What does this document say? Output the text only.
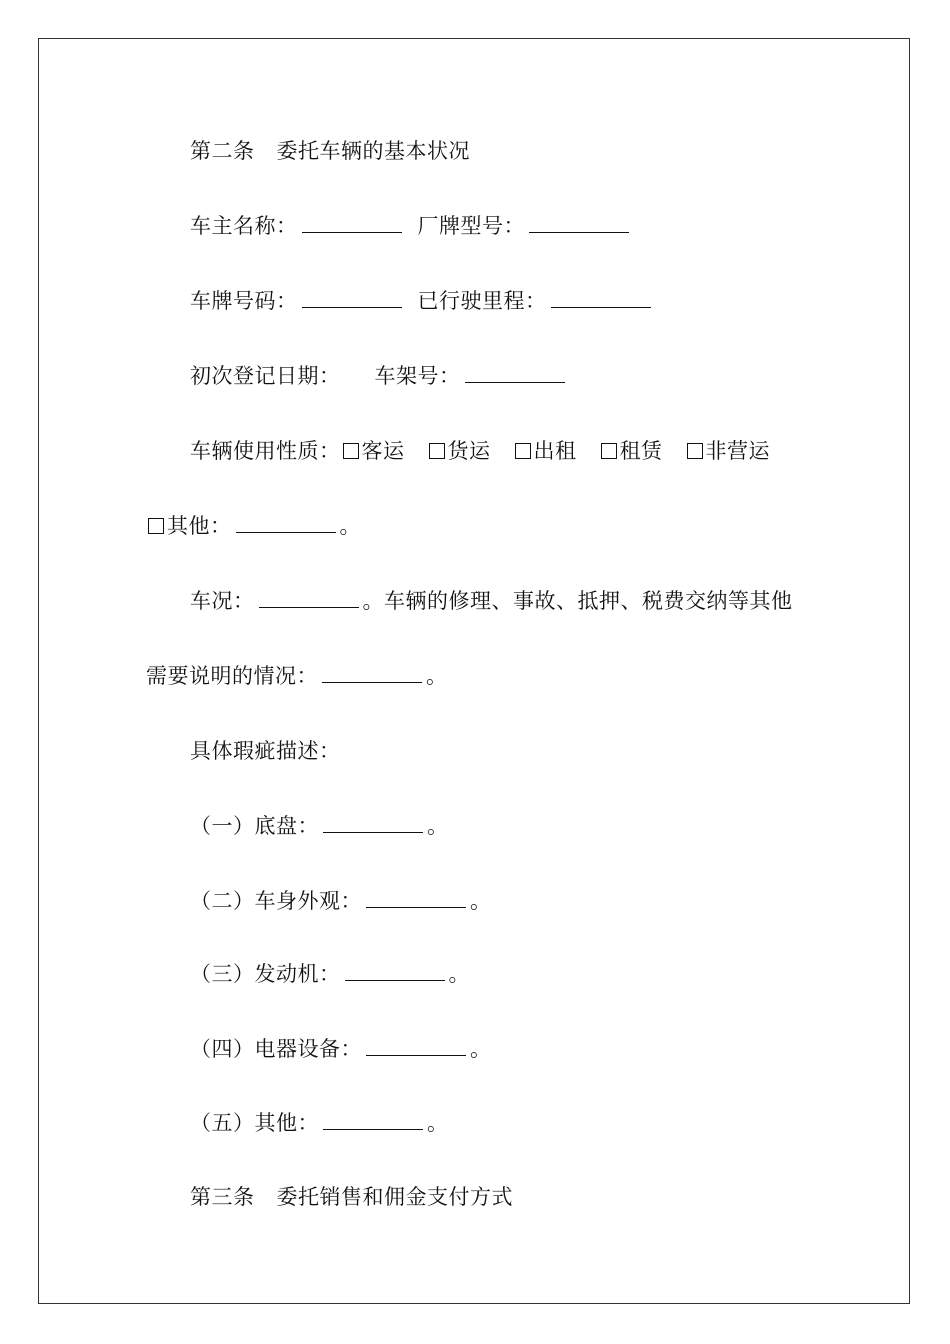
第二条 委托车辆的基本状况
车主名称：	厂牌型号：
车牌号码：	已行驶里程：
初次登记日期： 车架号：
车辆使用性质： 客运 货运 出租 租赁 非营运
其他：	。
车况：	。车辆的修理、事故、抵押、税费交纳等其他
需要说明的情况：	。
具体瑕疵描述：
（一）底盘：	。
（二）车身外观：	。
（三）发动机：	。
（四）电器设备：	。
（五）其他：	。
第三条 委托销售和佣金支付方式
